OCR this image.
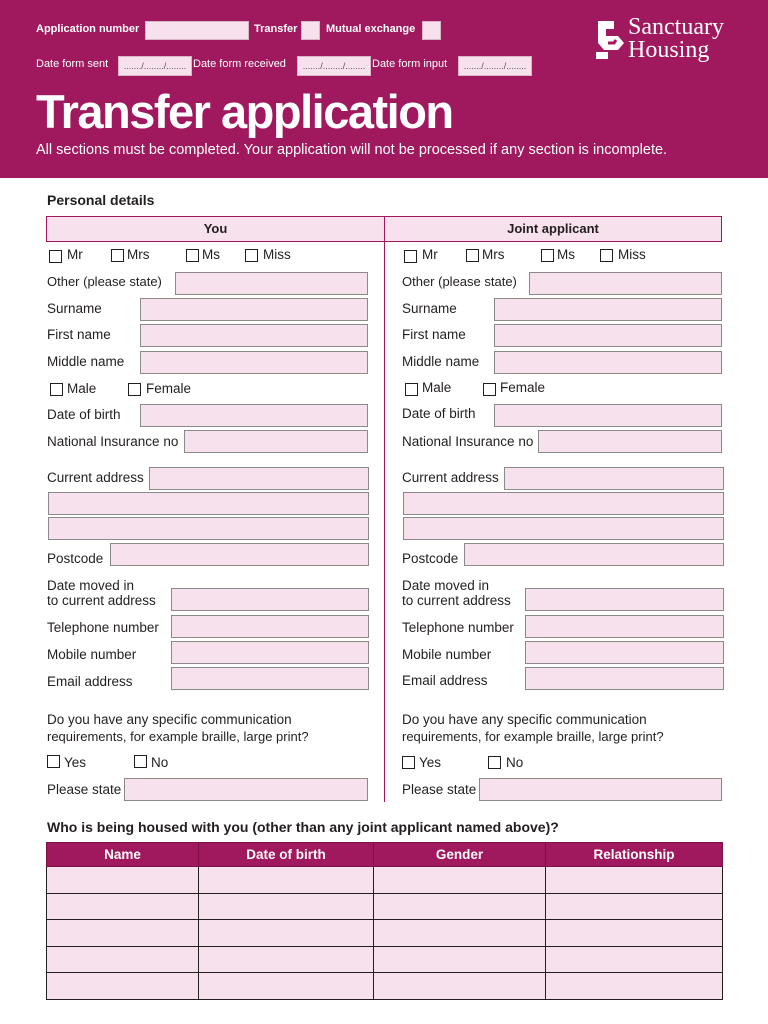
Application number	Transfer	Mutual exchange
Date form sent	......./......../........ Date form received	......./......../........ Date form input	......./......../........
Sanctuary
Housing
Transfer application
All sections must be completed. Your application will not be processed if any section is incomplete.
Personal details
You	Joint applicant
Mr	Mrs	Ms	Miss
Other (please state)
Surname
First name
Middle name
Male	Female
Date of birth
National Insurance no
Current address
Postcode
Date moved in
to current address
Telephone number
Mobile number
Email address
Do you have any specific communication
requirements, for example braille, large print?
Yes	No
Please state
Mr	Mrs	Ms	Miss
Other (please state)
Surname
First name
Middle name
Male	Female
Date of birth
National Insurance no
Current address
Postcode
Date moved in
to current address
Telephone number
Mobile number
Email address
Do you have any specific communication
requirements, for example braille, large print?
Yes	No
Please state
Who is being housed with you (other than any joint applicant named above)?
Name	Date of birth	Gender	Relationship
